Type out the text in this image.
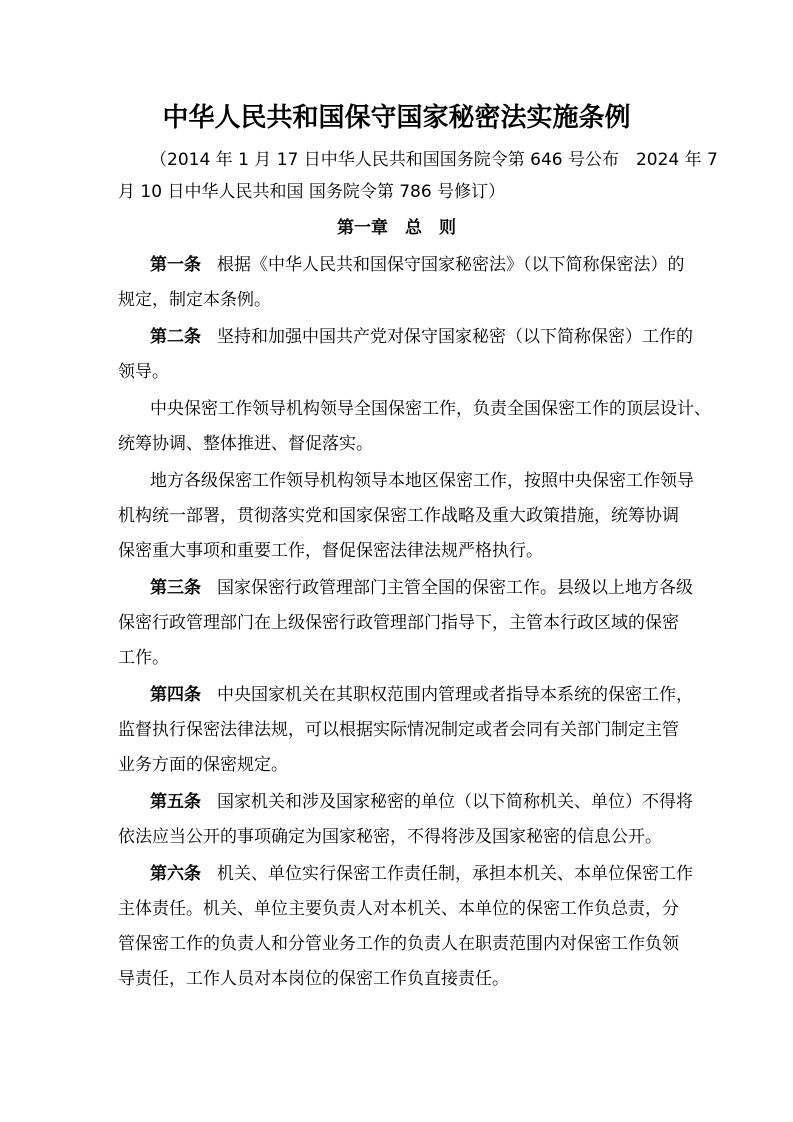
中华人民共和国保守国家秘密法实施条例
（2014 年 1 月 17 日中华人民共和国国务院令第 646 号公布　2024 年 7
月 10 日中华人民共和国 国务院令第 786 号修订）
第一章　总　则
第一条 根据《中华人民共和国保守国家秘密法》（以下简称保密法）的
规定，制定本条例。
第二条 坚持和加强中国共产党对保守国家秘密（以下简称保密）工作的
领导。
中央保密工作领导机构领导全国保密工作，负责全国保密工作的顶层设计、
统筹协调、整体推进、督促落实。
地方各级保密工作领导机构领导本地区保密工作，按照中央保密工作领导
机构统一部署，贯彻落实党和国家保密工作战略及重大政策措施，统筹协调
保密重大事项和重要工作，督促保密法律法规严格执行。
第三条 国家保密行政管理部门主管全国的保密工作。县级以上地方各级
保密行政管理部门在上级保密行政管理部门指导下，主管本行政区域的保密
工作。
第四条 中央国家机关在其职权范围内管理或者指导本系统的保密工作，
监督执行保密法律法规，可以根据实际情况制定或者会同有关部门制定主管
业务方面的保密规定。
第五条 国家机关和涉及国家秘密的单位（以下简称机关、单位）不得将
依法应当公开的事项确定为国家秘密，不得将涉及国家秘密的信息公开。
第六条 机关、单位实行保密工作责任制，承担本机关、本单位保密工作
主体责任。机关、单位主要负责人对本机关、本单位的保密工作负总责，分
管保密工作的负责人和分管业务工作的负责人在职责范围内对保密工作负领
导责任，工作人员对本岗位的保密工作负直接责任。
